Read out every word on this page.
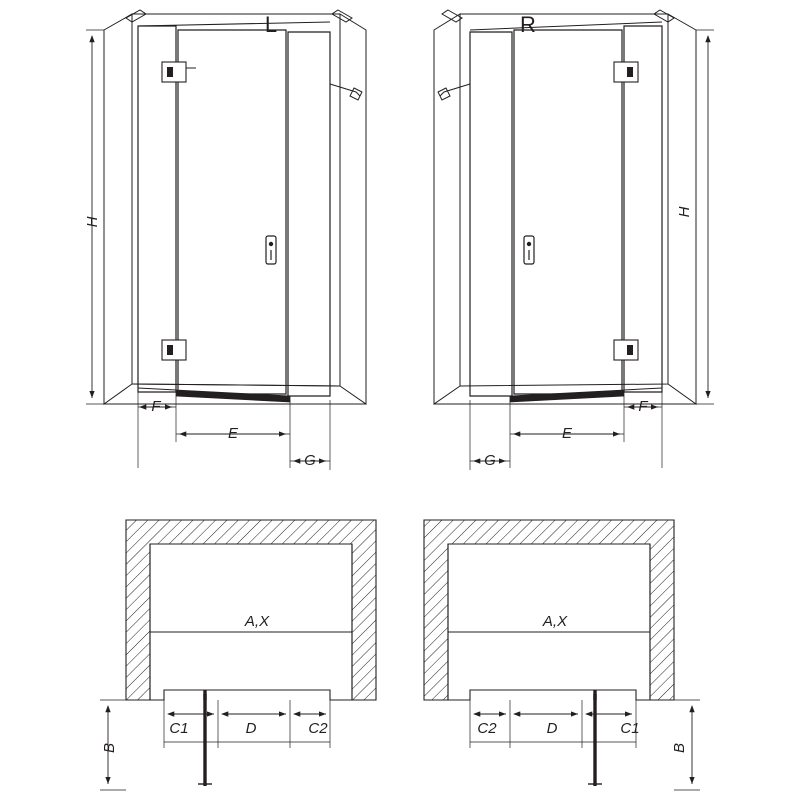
L	R
H
H
F
E
G	G
E
F
A,X	A,X
C1	D	C2	C2	D	C1
B	B
